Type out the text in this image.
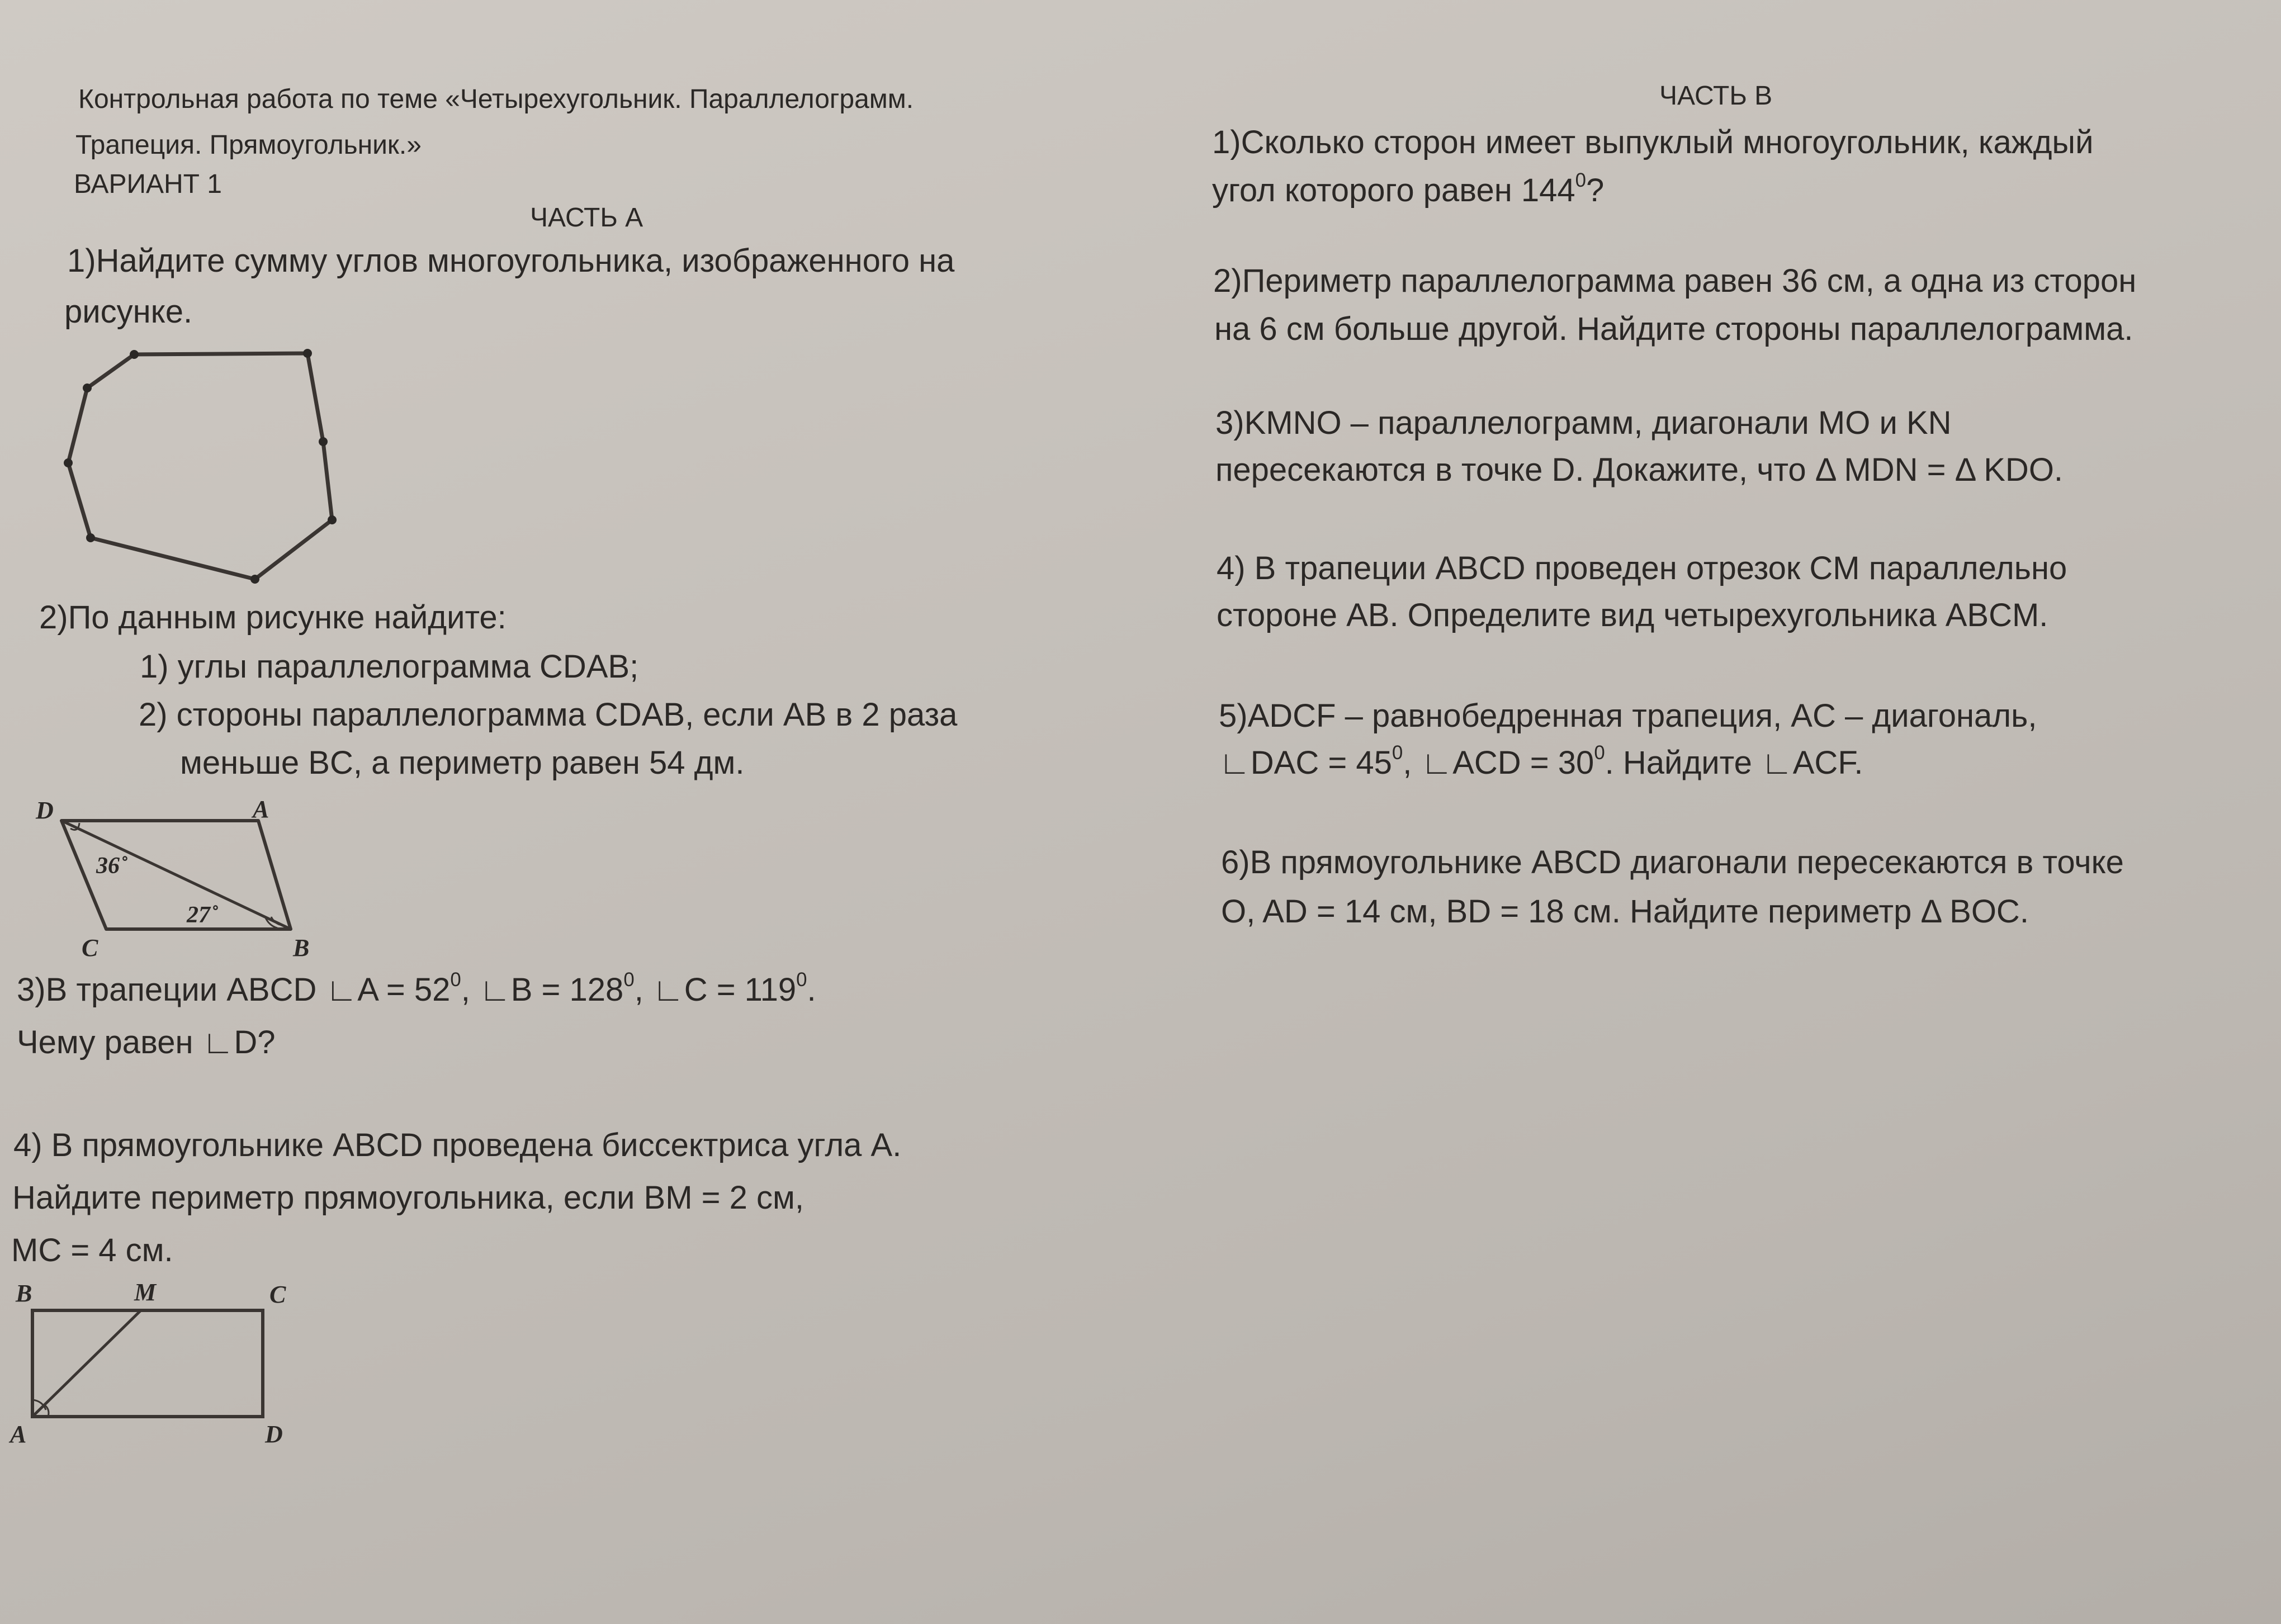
Контрольная работа по теме «Четырехугольник. Параллелограмм.
Трапеция. Прямоугольник.»
ВАРИАНТ 1
ЧАСТЬ А
1)Найдите сумму углов многоугольника, изображенного на
рисунке.
2)По данным рисунке найдите:
1) углы параллелограмма CDAB;
2) стороны параллелограмма CDAB, если AB в 2 раза
меньше BC, а периметр равен 54 дм.
D	A
C	B
36˚
27˚
3)В трапеции ABCD ∟A = $52^0$, ∟B = $128^0$, ∟C = $119^0$.
Чему равен ∟D?
4) В прямоугольнике ABCD проведена биссектриса угла A.
Найдите периметр прямоугольника, если BM = 2 см,
MC = 4 см.
B	M	C
A	D
ЧАСТЬ В
1)Сколько сторон имеет выпуклый многоугольник, каждый
угол которого равен $144^0$?
2)Периметр параллелограмма равен 36 см, а одна из сторон
на 6 см больше другой. Найдите стороны параллелограмма.
3)KMNO – параллелограмм, диагонали MO и KN
пересекаются в точке D. Докажите, что Δ MDN = Δ KDO.
4) В трапеции ABCD проведен отрезок CM параллельно
стороне AB. Определите вид четырехугольника ABCM.
5)ADCF – равнобедренная трапеция, AC – диагональ,
∟DAC = $45^0$, ∟ACD = $30^0$. Найдите ∟ACF.
6)В прямоугольнике ABCD диагонали пересекаются в точке
O, AD = 14 см, BD = 18 см. Найдите периметр Δ BOC.
